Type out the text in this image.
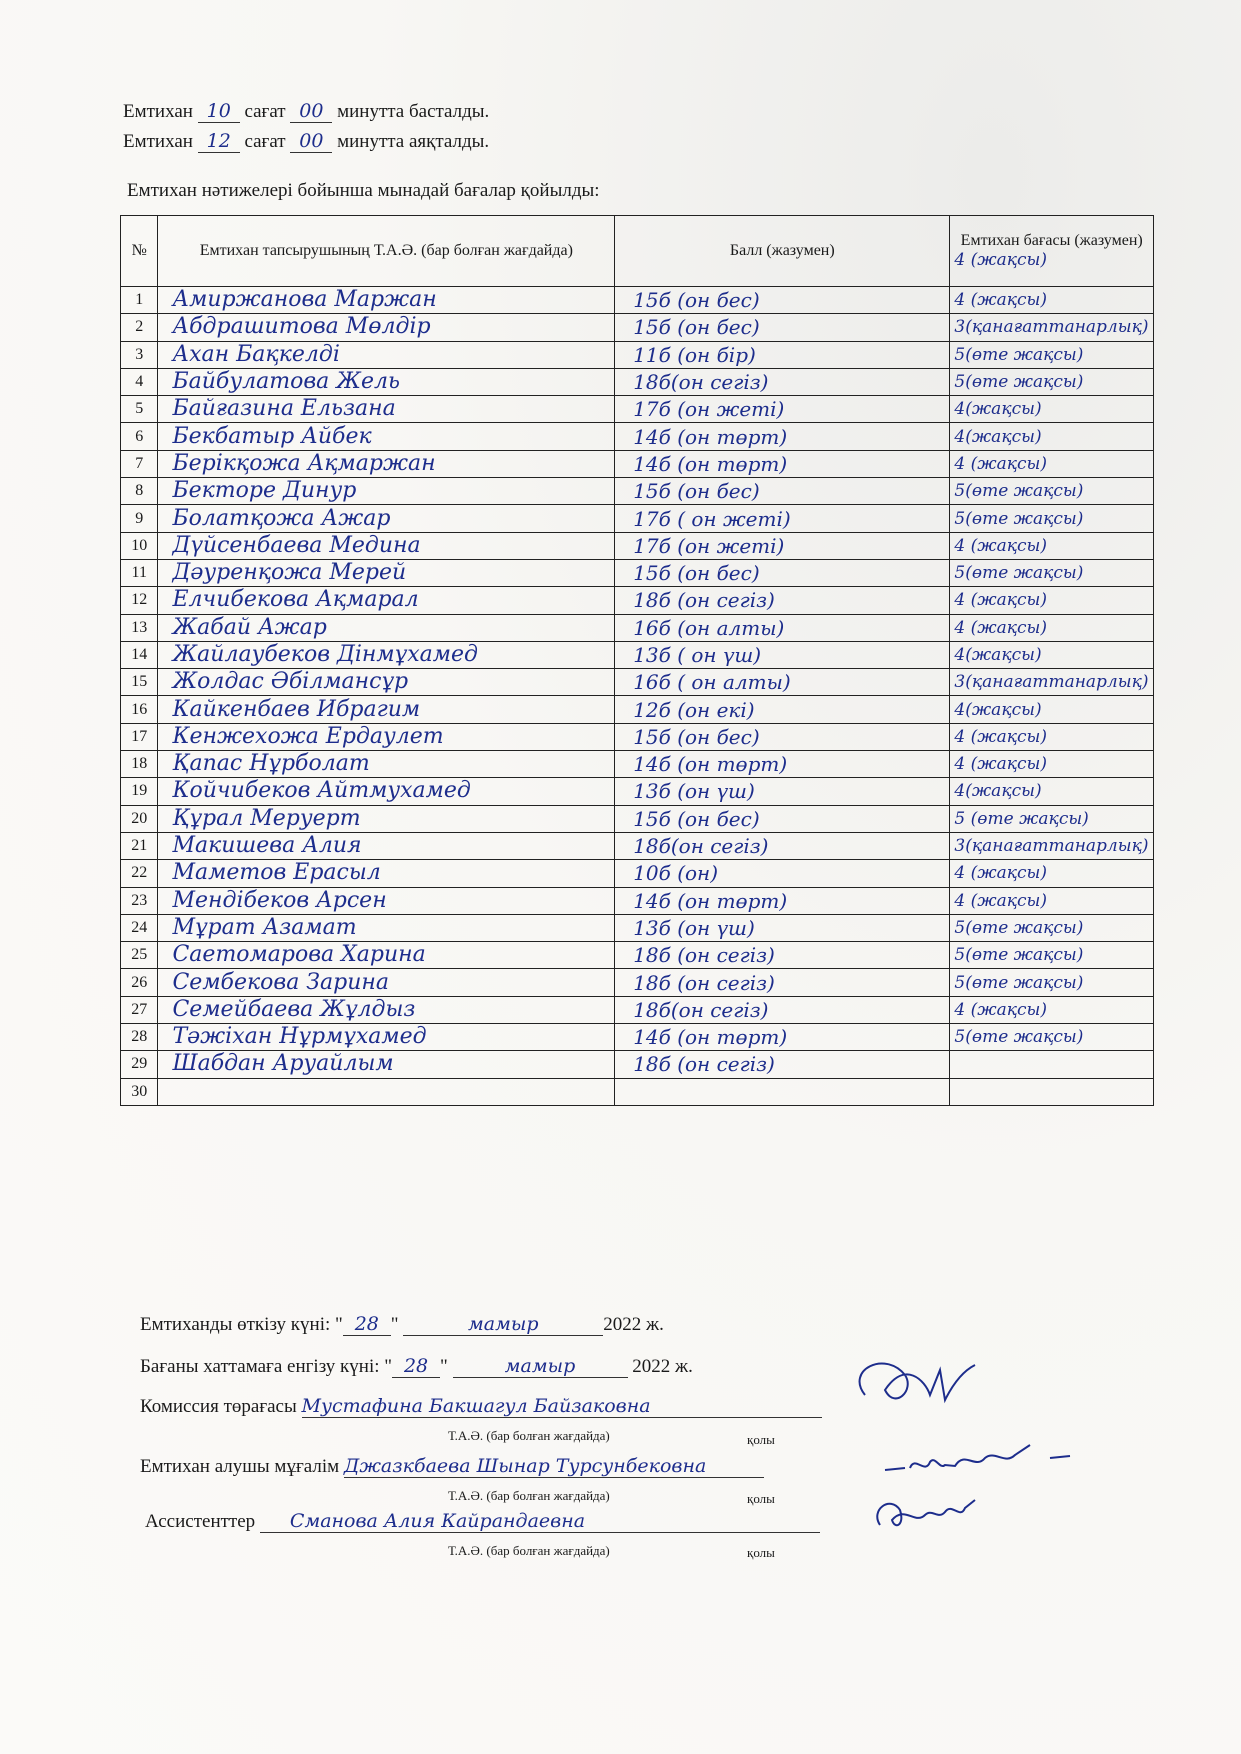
Емтихан 10 сағат 00 минутта басталды.
Емтихан 12 сағат 00 минутта аяқталды.
Емтихан нәтижелері бойынша мынадай бағалар қойылды:
№	Емтихан тапсырушының Т.А.Ә. (бар болған жағдайда)	Балл (жазумен)	Емтихан бағасы (жазумен)
4 (жақсы)

1	Амиржанова Маржан	15б (он бес)	4 (жақсы)

2	Абдрашитова Мөлдір	15б (он бес)	3(қанағаттанарлық)

3	Ахан Бақкелді	11б (он бір)	5(өте жақсы)

4	Байбулатова Жель	18б(он сегіз)	5(өте жақсы)

5	Байғазина Ельзана	17б (он жеті)	4(жақсы)

6	Бекбатыр Айбек	14б (он төрт)	4(жақсы)

7	Берікқожа Ақмаржан	14б (он төрт)	4 (жақсы)

8	Бекторе Динур	15б (он бес)	5(өте жақсы)

9	Болатқожа Ажар	17б ( он жеті)	5(өте жақсы)

10	Дүйсенбаева Медина	17б (он жеті)	4 (жақсы)

11	Дәуренқожа Мерей	15б (он бес)	5(өте жақсы)

12	Елчибекова Ақмарал	18б (он сегіз)	4 (жақсы)

13	Жабай Ажар	16б (он алты)	4 (жақсы)

14	Жайлаубеков Дінмұхамед	13б ( он үш)	4(жақсы)

15	Жолдас Әбілмансұр	16б ( он алты)	3(қанағаттанарлық)

16	Кайкенбаев Ибрагим	12б (он екі)	4(жақсы)

17	Кенжехожа Ердаулет	15б (он бес)	4 (жақсы)

18	Қапас Нұрболат	14б (он төрт)	4 (жақсы)

19	Койчибеков Айтмухамед	13б (он үш)	4(жақсы)

20	Құрал Меруерт	15б (он бес)	5 (өте жақсы)

21	Макишева Алия	18б(он сегіз)	3(қанағаттанарлық)

22	Маметов Ерасыл	10б (он)	4 (жақсы)

23	Мендібеков Арсен	14б (он төрт)	4 (жақсы)

24	Мұрат Азамат	13б (он үш)	5(өте жақсы)

25	Саетомарова Харина	18б (он сегіз)	5(өте жақсы)

26	Сембекова Зарина	18б (он сегіз)	5(өте жақсы)

27	Семейбаева Жұлдыз	18б(он сегіз)	4 (жақсы)

28	Тәжіхан Нұрмұхамед	14б (он төрт)	5(өте жақсы)

29	Шабдан Аруайлым	18б (он сегіз)	

30	

Емтиханды өткізу күні: " 28 "	мамыр	2022 ж.
Бағаны хаттамаға енгізу күні: " 28 "	мамыр	2022 ж.
Комиссия төрағасы Мустафина Бакшагул Байзаковна
Т.А.Ә. (бар болған жағдайда)	қолы
Емтихан алушы мұғалім Джазкбаева Шынар Турсунбековна
Т.А.Ә. (бар болған жағдайда)	қолы
Ассистенттер Сманова Алия Кайрандаевна
Т.А.Ә. (бар болған жағдайда)	қолы
